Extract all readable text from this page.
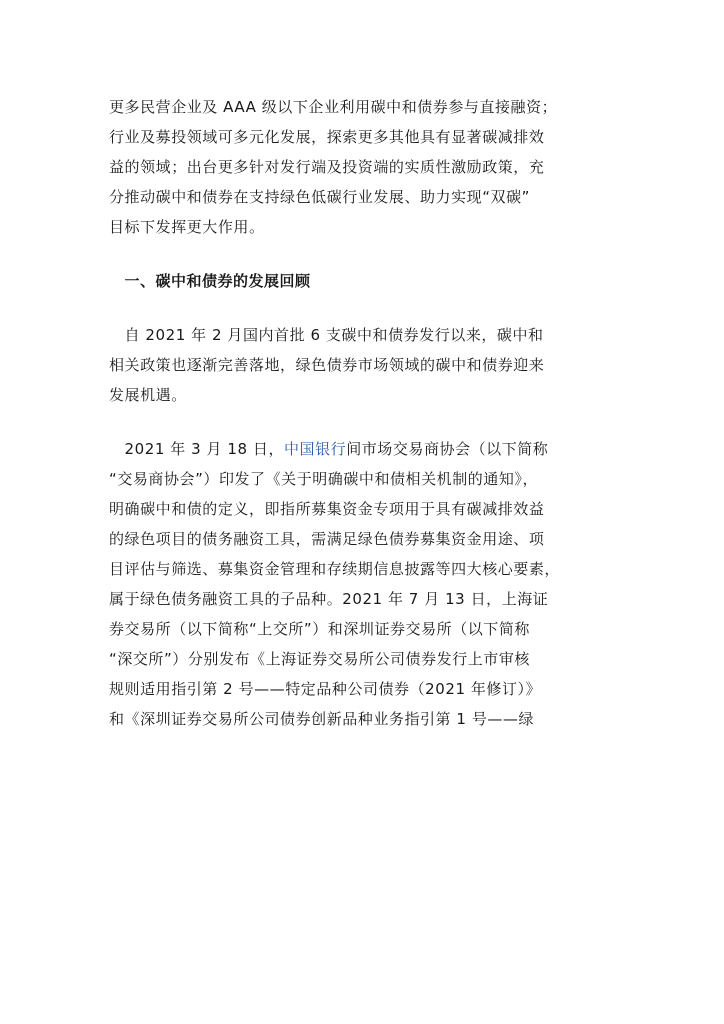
更多民营企业及 AAA 级以下企业利用碳中和债券参与直接融资；
行业及募投领域可多元化发展，探索更多其他具有显著碳减排效
益的领域；出台更多针对发行端及投资端的实质性激励政策，充
分推动碳中和债券在支持绿色低碳行业发展、助力实现“双碳”
目标下发挥更大作用。
　一、碳中和债券的发展回顾
　自 2021 年 2 月国内首批 6 支碳中和债券发行以来，碳中和
相关政策也逐渐完善落地，绿色债券市场领域的碳中和债券迎来
发展机遇。
　2021 年 3 月 18 日，中国银行间市场交易商协会（以下简称
“交易商协会”）印发了《关于明确碳中和债相关机制的通知》，
明确碳中和债的定义，即指所募集资金专项用于具有碳减排效益
的绿色项目的债务融资工具，需满足绿色债券募集资金用途、项
目评估与筛选、募集资金管理和存续期信息披露等四大核心要素，
属于绿色债务融资工具的子品种。2021 年 7 月 13 日，上海证
券交易所（以下简称“上交所”）和深圳证券交易所（以下简称
“深交所”）分别发布《上海证券交易所公司债券发行上市审核
规则适用指引第 2 号——特定品种公司债券（2021 年修订）》
和《深圳证券交易所公司债券创新品种业务指引第 1 号——绿
